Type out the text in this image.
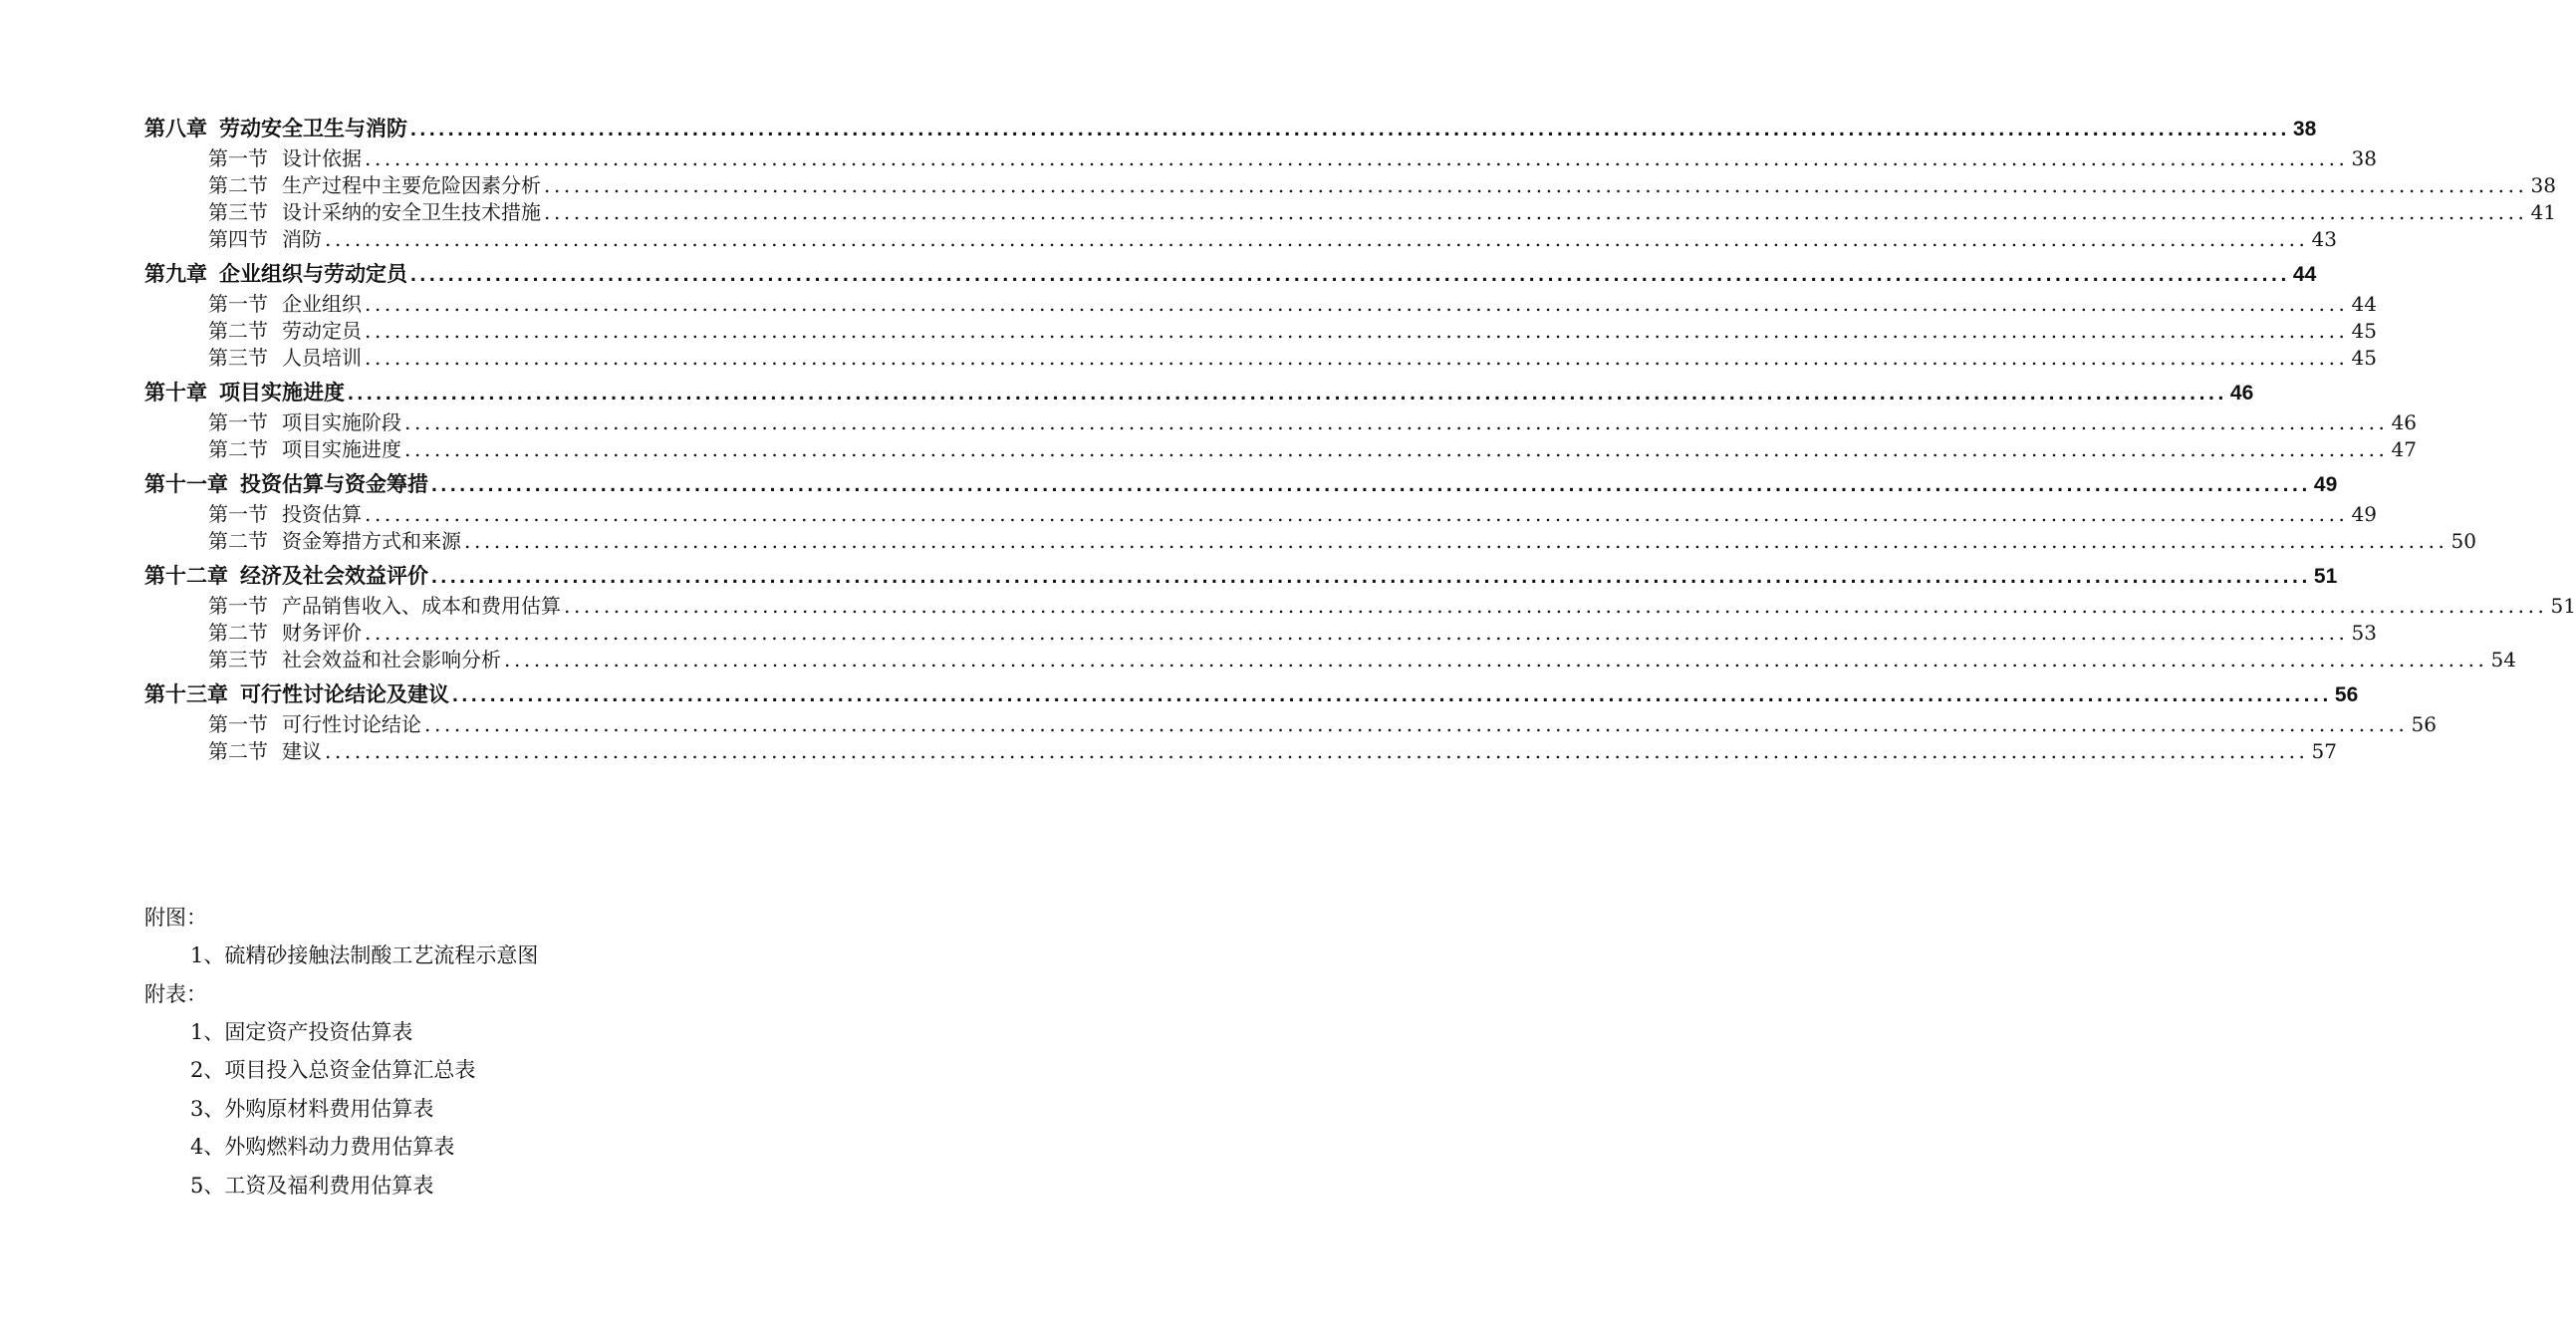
第八章 劳动安全卫生与消防 ........................................................................................................................................................................................................ 38
第一节 设计依据 ........................................................................................................................................................................................................ 38
第二节 生产过程中主要危险因素分析 ........................................................................................................................................................................................................ 38
第三节 设计采纳的安全卫生技术措施 ........................................................................................................................................................................................................ 41
第四节 消防 ........................................................................................................................................................................................................ 43
第九章 企业组织与劳动定员 ........................................................................................................................................................................................................ 44
第一节 企业组织 ........................................................................................................................................................................................................ 44
第二节 劳动定员 ........................................................................................................................................................................................................ 45
第三节 人员培训 ........................................................................................................................................................................................................ 45
第十章 项目实施进度 ........................................................................................................................................................................................................ 46
第一节 项目实施阶段 ........................................................................................................................................................................................................ 46
第二节 项目实施进度 ........................................................................................................................................................................................................ 47
第十一章 投资估算与资金筹措 ........................................................................................................................................................................................................ 49
第一节 投资估算 ........................................................................................................................................................................................................ 49
第二节 资金筹措方式和来源 ........................................................................................................................................................................................................ 50
第十二章 经济及社会效益评价 ........................................................................................................................................................................................................ 51
第一节 产品销售收入、成本和费用估算 ........................................................................................................................................................................................................ 51
第二节 财务评价 ........................................................................................................................................................................................................ 53
第三节 社会效益和社会影响分析 ........................................................................................................................................................................................................ 54
第十三章 可行性讨论结论及建议 ........................................................................................................................................................................................................ 56
第一节 可行性讨论结论 ........................................................................................................................................................................................................ 56
第二节 建议 ........................................................................................................................................................................................................ 57
附图：
1、硫精砂接触法制酸工艺流程示意图
附表：
1、固定资产投资估算表
2、项目投入总资金估算汇总表
3、外购原材料费用估算表
4、外购燃料动力费用估算表
5、工资及福利费用估算表
